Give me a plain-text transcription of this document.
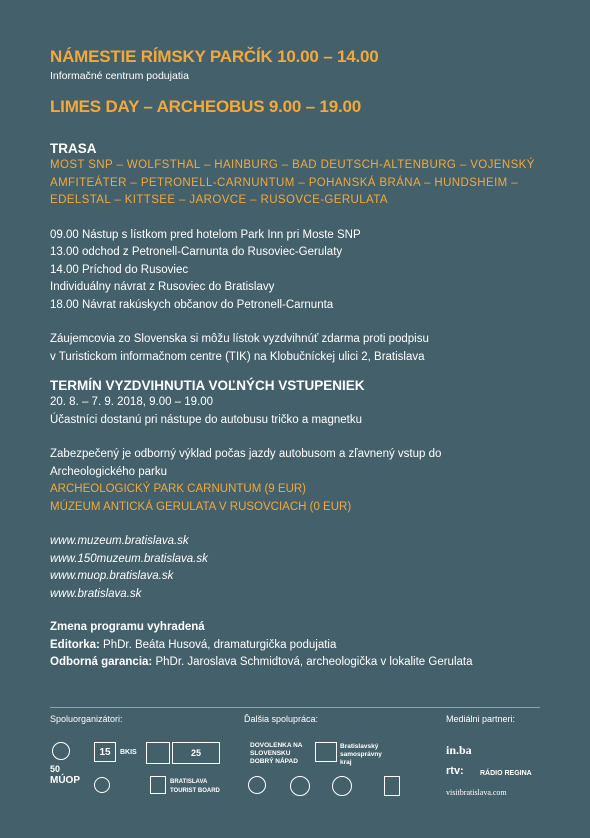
NÁMESTIE RÍMSKY PARČÍK 10.00 – 14.00
Informačné centrum podujatia
LIMES DAY – ARCHEOBUS 9.00 – 19.00
TRASA
MOST SNP – WOLFSTHAL – HAINBURG – BAD DEUTSCH-ALTENBURG – VOJENSKÝ
AMFITEÁTER – PETRONELL-CARNUNTUM – POHANSKÁ BRÁNA – HUNDSHEIM –
EDELSTAL – KITTSEE – JAROVCE – RUSOVCE-GERULATA
09.00 Nástup s lístkom pred hotelom Park Inn pri Moste SNP
13.00 odchod z Petronell-Carnunta do Rusoviec-Gerulaty
14.00 Príchod do Rusoviec
Individuálny návrat z Rusoviec do Bratislavy
18.00 Návrat rakúskych občanov do Petronell-Carnunta
Záujemcovia zo Slovenska si môžu lístok vyzdvihnúť zdarma proti podpisu
v Turistickom informačnom centre (TIK) na Klobučníckej ulici 2, Bratislava
TERMÍN VYZDVIHNUTIA VOĽNÝCH VSTUPENIEK
20. 8. – 7. 9. 2018, 9.00 – 19.00
Účastníci dostanú pri nástupe do autobusu tričko a magnetku
Zabezpečený je odborný výklad počas jazdy autobusom a zľavnený vstup do
Archeologického parku
ARCHEOLOGICKÝ PARK CARNUNTUM (9 EUR)
MÚZEUM ANTICKÁ GERULATA V RUSOVCIACH (0 EUR)
www.muzeum.bratislava.sk
www.150muzeum.bratislava.sk
www.muop.bratislava.sk
www.bratislava.sk
Zmena programu vyhradená
Editorka: PhDr. Beáta Husová, dramaturgička podujatia
Odborná garancia: PhDr. Jaroslava Schmidtová, archeologička v lokalite Gerulata
Spoluorganizátori:	Ďalšia spolupráca:	Mediálni partneri:
50
MÚOP
15	BKIS	25
BRATISLAVA TOURIST BOARD
DOVOLENKA NA SLOVENSKU DOBRÝ NÁPAD
Bratislavský samosprávny kraj
in.ba
rtv: RÁDIO REGINA
visitbratislava.com
